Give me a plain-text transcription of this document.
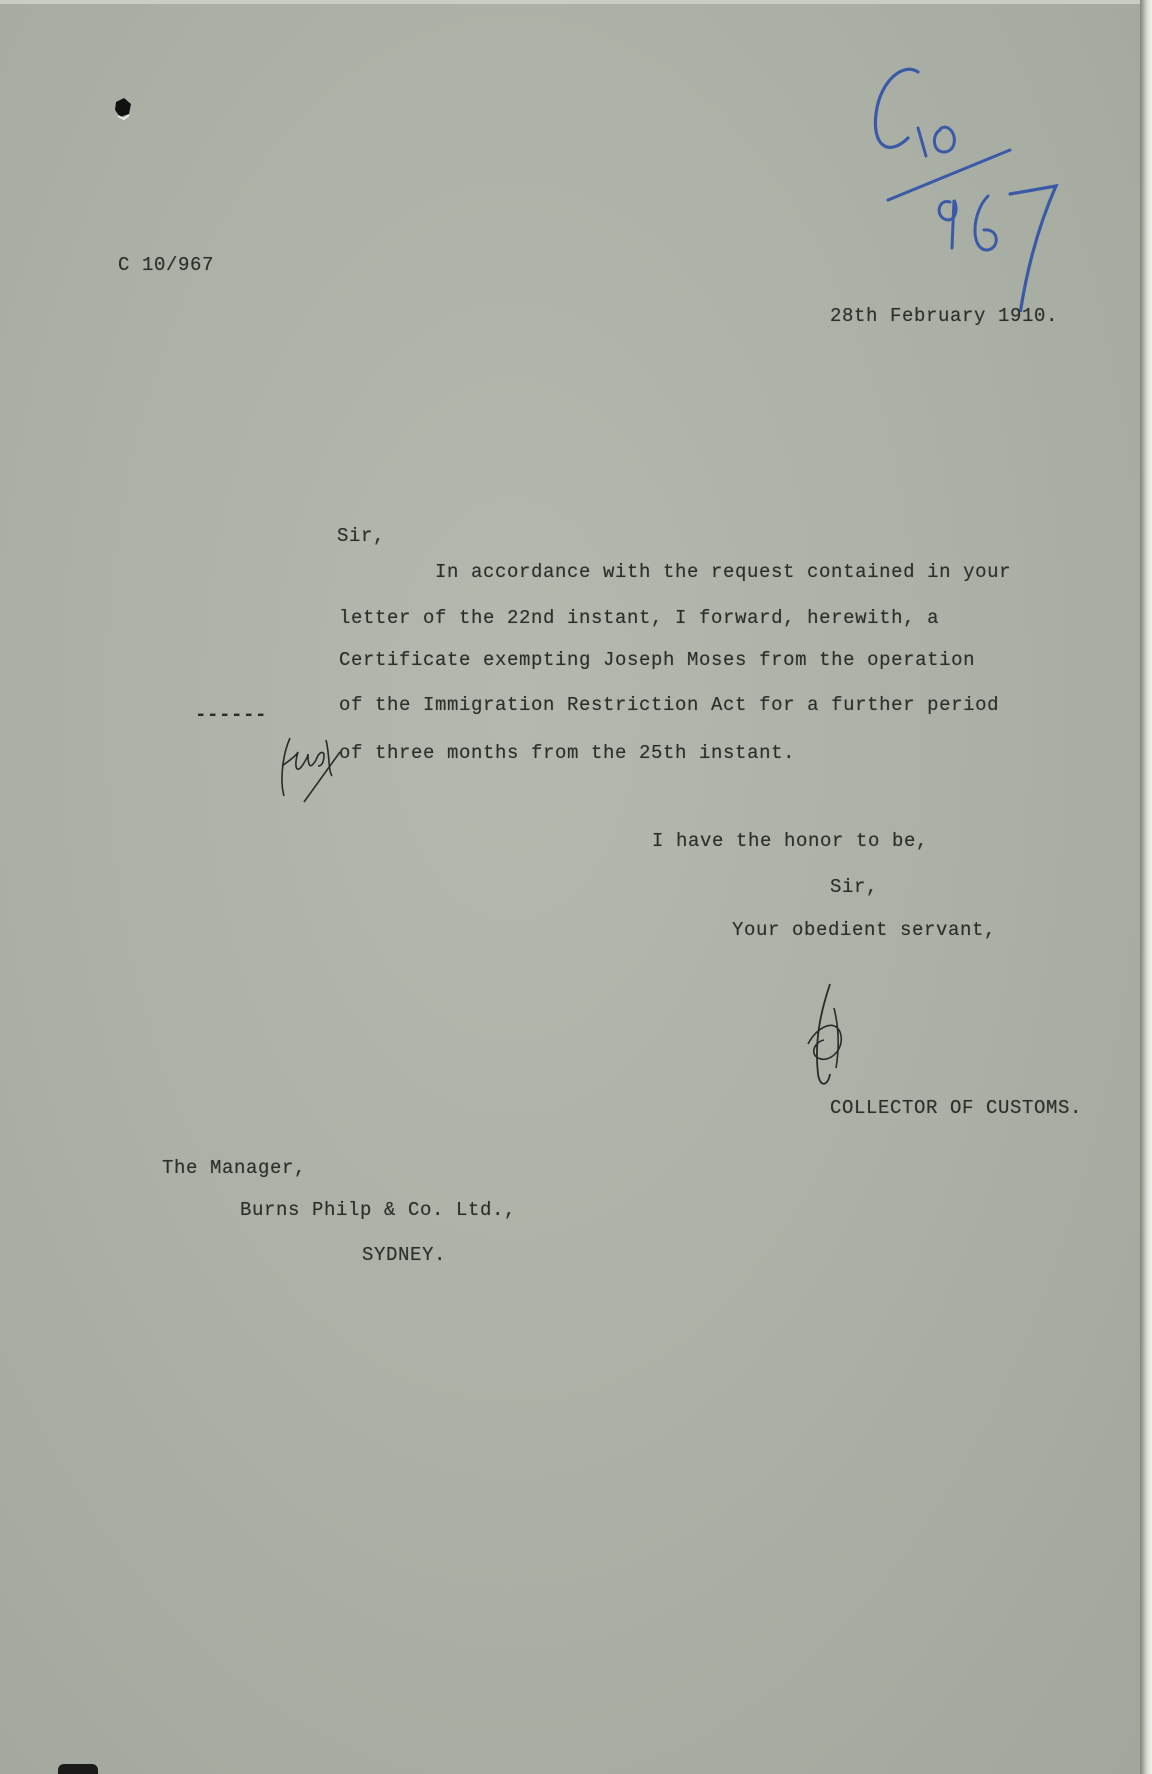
C 10/967
C10
28th February 1910.
Sir,
In accordance with the request contained in your
letter of the 22nd instant, I forward, herewith, a
Certificate exempting Joseph Moses from the operation
of the Immigration Restriction Act for a further period
of three months from the 25th instant.
------
I have the honor to be,
Sir,
Your obedient servant,
COLLECTOR OF CUSTOMS.
The Manager,
Burns Philp & Co. Ltd.,
SYDNEY.
